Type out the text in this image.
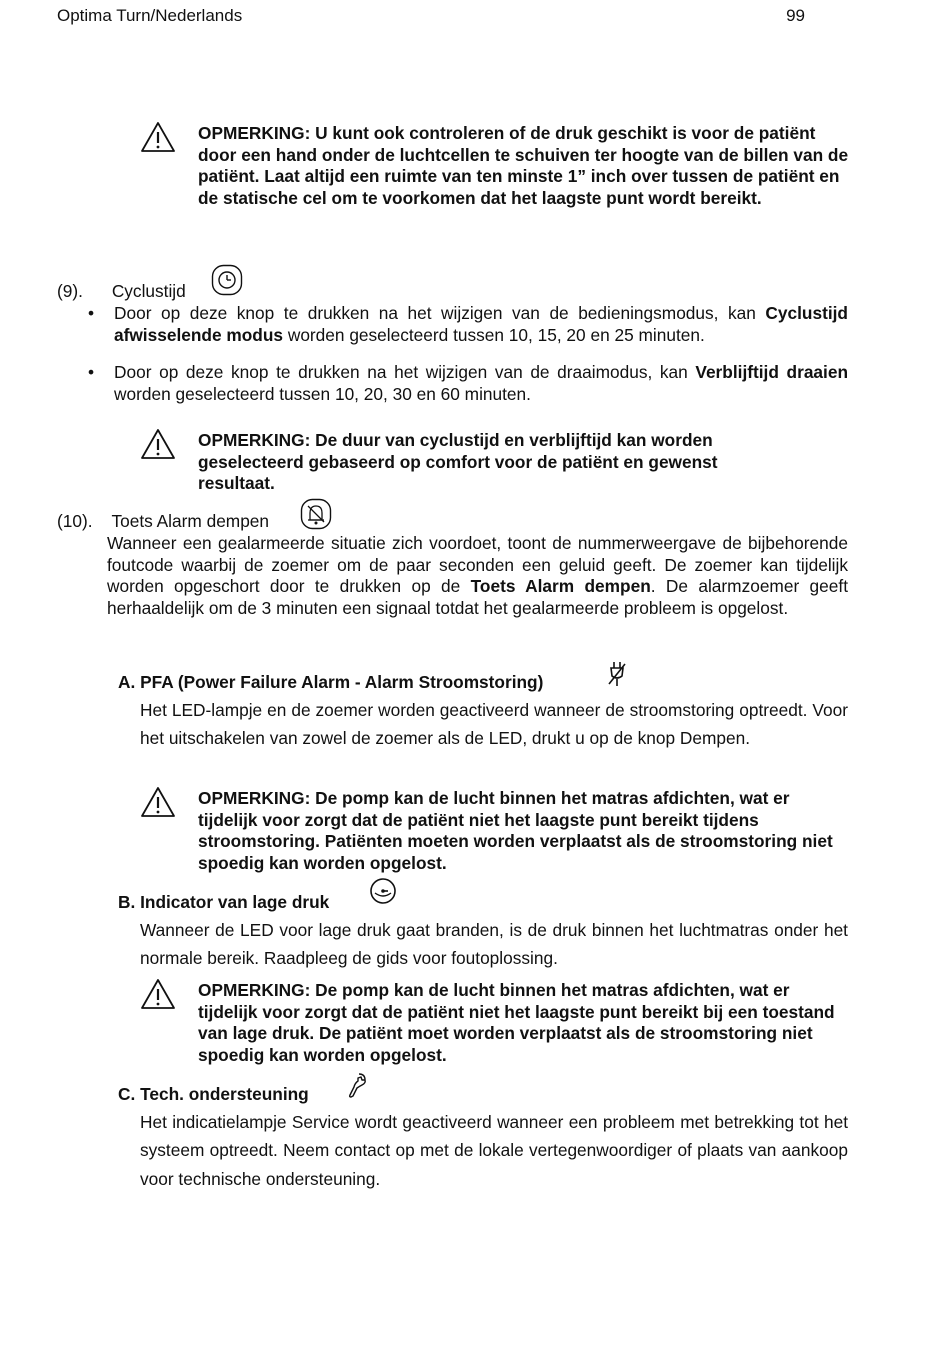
Optima Turn/Nederlands	99
OPMERKING: U kunt ook controleren of de druk geschikt is voor de patiënt door een hand onder de luchtcellen te schuiven ter hoogte van de billen van de patiënt. Laat altijd een ruimte van ten minste 1” inch over tussen de patiënt en de statische cel om te voorkomen dat het laagste punt wordt bereikt.
(9). Cyclustijd
• Door op deze knop te drukken na het wijzigen van de bedieningsmodus, kan Cyclustijd afwisselende modus worden geselecteerd tussen 10, 15, 20 en 25 minuten.
• Door op deze knop te drukken na het wijzigen van de draaimodus, kan Verblijftijd draaien worden geselecteerd tussen 10, 20, 30 en 60 minuten.
OPMERKING: De duur van cyclustijd en verblijftijd kan worden geselecteerd gebaseerd op comfort voor de patiënt en gewenst resultaat.
(10). Toets Alarm dempen
Wanneer een gealarmeerde situatie zich voordoet, toont de nummerweergave de bijbehorende foutcode waarbij de zoemer om de paar seconden een geluid geeft. De zoemer kan tijdelijk worden opgeschort door te drukken op de Toets Alarm dempen. De alarmzoemer geeft herhaaldelijk om de 3 minuten een signaal totdat het gealarmeerde probleem is opgelost.
A. PFA (Power Failure Alarm - Alarm Stroomstoring)
Het LED-lampje en de zoemer worden geactiveerd wanneer de stroomstoring optreedt. Voor het uitschakelen van zowel de zoemer als de LED, drukt u op de knop Dempen.
OPMERKING: De pomp kan de lucht binnen het matras afdichten, wat er tijdelijk voor zorgt dat de patiënt niet het laagste punt bereikt tijdens stroomstoring. Patiënten moeten worden verplaatst als de stroomstoring niet spoedig kan worden opgelost.
B. Indicator van lage druk
Wanneer de LED voor lage druk gaat branden, is de druk binnen het luchtmatras onder het normale bereik. Raadpleeg de gids voor foutoplossing.
OPMERKING: De pomp kan de lucht binnen het matras afdichten, wat er tijdelijk voor zorgt dat de patiënt niet het laagste punt bereikt bij een toestand van lage druk. De patiënt moet worden verplaatst als de stroomstoring niet spoedig kan worden opgelost.
C. Tech. ondersteuning
Het indicatielampje Service wordt geactiveerd wanneer een probleem met betrekking tot het systeem optreedt. Neem contact op met de lokale vertegenwoordiger of plaats van aankoop voor technische ondersteuning.
